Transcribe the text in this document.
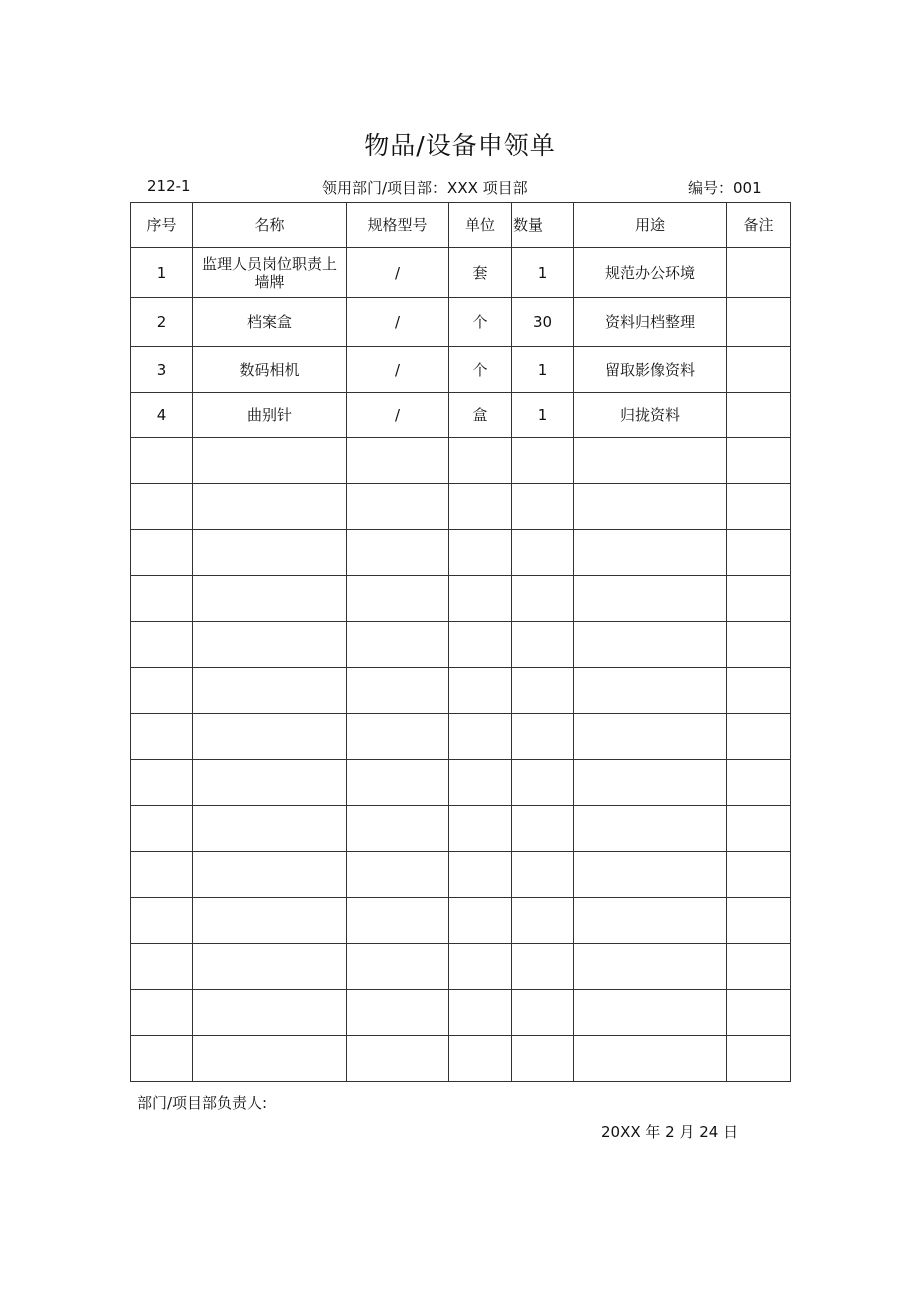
物品/设备申领单
212-1	领用部门/项目部：XXX 项目部	编号：001
序号	名称	规格型号	单位	数量	用途	备注
1	监理人员岗位职责上墙牌	/	套	1	规范办公环境	
2	档案盒	/	个	30	资料归档整理	
3	数码相机	/	个	1	留取影像资料	
4	曲别针	/	盒	1	归拢资料	

部门/项目部负责人:
20XX 年 2 月 24 日
